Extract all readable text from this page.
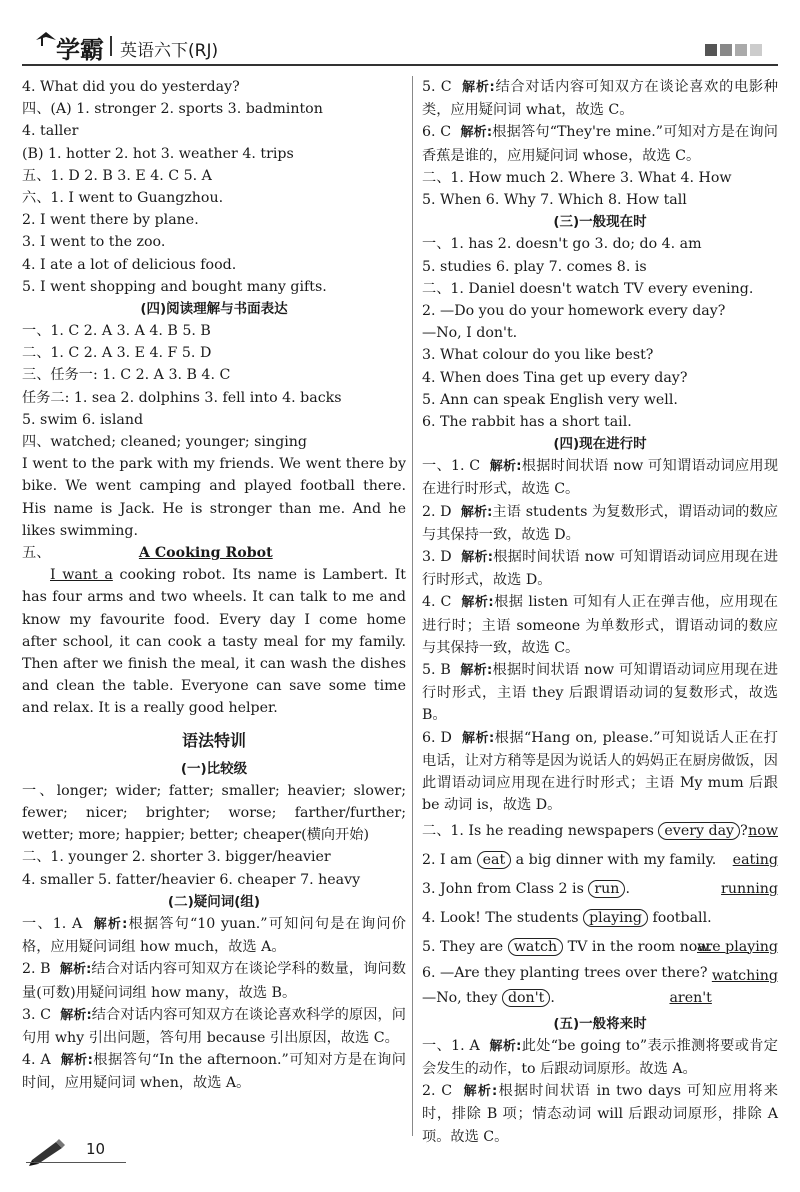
学霸 英语六下(RJ)
4. What did you do yesterday?
四、(A) 1. stronger 2. sports 3. badminton
4. taller
(B) 1. hotter 2. hot 3. weather 4. trips
五、1. D 2. B 3. E 4. C 5. A
六、1. I went to Guangzhou.
2. I went there by plane.
3. I went to the zoo.
4. I ate a lot of delicious food.
5. I went shopping and bought many gifts.
(四)阅读理解与书面表达
一、1. C 2. A 3. A 4. B 5. B
二、1. C 2. A 3. E 4. F 5. D
三、任务一: 1. C 2. A 3. B 4. C
任务二: 1. sea 2. dolphins 3. fell into 4. backs
5. swim 6. island
四、watched; cleaned; younger; singing
I went to the park with my friends. We went there by bike. We went camping and played football there. His name is Jack. He is stronger than me. And he likes swimming.
五、	A Cooking Robot
I want a cooking robot. Its name is Lambert. It has four arms and two wheels. It can talk to me and know my favourite food. Every day I come home after school, it can cook a tasty meal for my family. Then after we finish the meal, it can wash the dishes and clean the table. Everyone can save some time and relax. It is a really good helper.
语法特训
(一)比较级
一、longer; wider; fatter; smaller; heavier; slower; fewer; nicer; brighter; worse; farther/further; wetter; more; happier; better; cheaper(横向开始)
二、1. younger 2. shorter 3. bigger/heavier
4. smaller 5. fatter/heavier 6. cheaper 7. heavy
(二)疑问词(组)
一、1. A 解析:根据答句“10 yuan.”可知问句是在询问价格，应用疑问词组 how much，故选 A。
2. B 解析:结合对话内容可知双方在谈论学科的数量，询问数量(可数)用疑问词组 how many，故选 B。
3. C 解析:结合对话内容可知双方在谈论喜欢科学的原因，问句用 why 引出问题，答句用 because 引出原因，故选 C。
4. A 解析:根据答句“In the afternoon.”可知对方是在询问时间，应用疑问词 when，故选 A。
5. C 解析:结合对话内容可知双方在谈论喜欢的电影种类，应用疑问词 what，故选 C。
6. C 解析:根据答句“They're mine.”可知对方是在询问香蕉是谁的，应用疑问词 whose，故选 C。
二、1. How much 2. Where 3. What 4. How
5. When 6. Why 7. Which 8. How tall
(三)一般现在时
一、1. has 2. doesn't go 3. do; do 4. am
5. studies 6. play 7. comes 8. is
二、1. Daniel doesn't watch TV every evening.
2. —Do you do your homework every day?
—No, I don't.
3. What colour do you like best?
4. When does Tina get up every day?
5. Ann can speak English very well.
6. The rabbit has a short tail.
(四)现在进行时
一、1. C 解析:根据时间状语 now 可知谓语动词应用现在进行时形式，故选 C。
2. D 解析:主语 students 为复数形式，谓语动词的数应与其保持一致，故选 D。
3. D 解析:根据时间状语 now 可知谓语动词应用现在进行时形式，故选 D。
4. C 解析:根据 listen 可知有人正在弹吉他，应用现在进行时；主语 someone 为单数形式，谓语动词的数应与其保持一致，故选 C。
5. B 解析:根据时间状语 now 可知谓语动词应用现在进行时形式，主语 they 后跟谓语动词的复数形式，故选 B。
6. D 解析:根据“Hang on, please.”可知说话人正在打电话，让对方稍等是因为说话人的妈妈正在厨房做饭，因此谓语动词应用现在进行时形式；主语 My mum 后跟 be 动词 is，故选 D。
二、1. Is he reading newspapers every day ? now
2. I am eat a big dinner with my family. eating
3. John from Class 2 is run .	running
4. Look! The students playing football.
are playing
5. They are watch TV in the room now.
watching
6. —Are they planting trees over there?
—No, they don't .	aren't
(五)一般将来时
一、1. A 解析:此处“be going to”表示推测将要或肯定会发生的动作，to 后跟动词原形。故选 A。
2. C 解析:根据时间状语 in two days 可知应用将来时，排除 B 项；情态动词 will 后跟动词原形，排除 A 项。故选 C。
10
